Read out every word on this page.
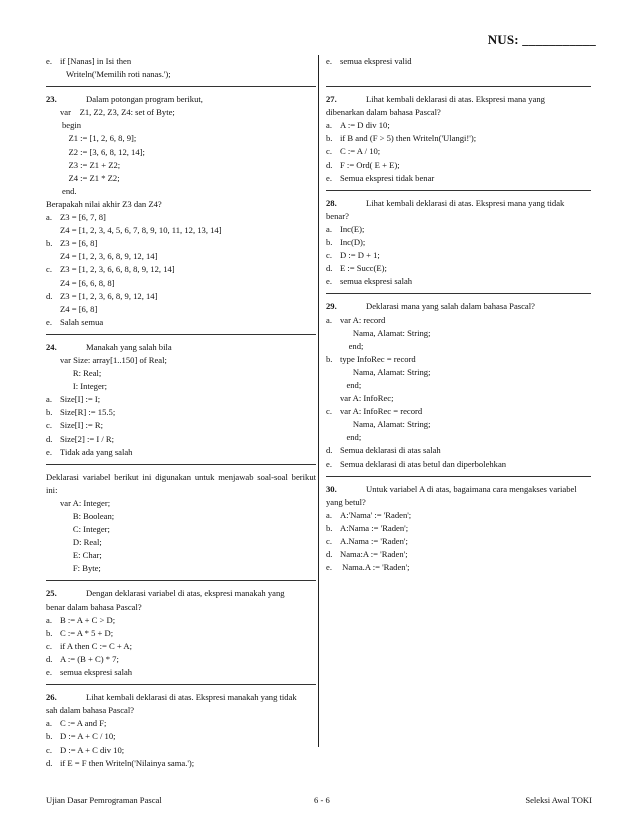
NUS: ___________
e. if [Nanas] in Isi then
Writeln('Memilih roti nanas.');
23.	Dalam potongan program berikut,
var    Z1, Z2, Z3, Z4: set of Byte;
begin
Z1 := [1, 2, 6, 8, 9];
Z2 := [3, 6, 8, 12, 14];
Z3 := Z1 + Z2;
Z4 := Z1 * Z2;
end.
Berapakah nilai akhir Z3 dan Z4?
a. Z3 = [6, 7, 8]
Z4 = [1, 2, 3, 4, 5, 6, 7, 8, 9, 10, 11, 12, 13, 14]
b. Z3 = [6, 8]
Z4 = [1, 2, 3, 6, 8, 9, 12, 14]
c. Z3 = [1, 2, 3, 6, 6, 8, 8, 9, 12, 14]
Z4 = [6, 6, 8, 8]
d. Z3 = [1, 2, 3, 6, 8, 9, 12, 14]
Z4 = [6, 8]
e. Salah semua
24.	Manakah yang salah bila
var Size: array[1..150] of Real;
R: Real;
I: Integer;
a. Size[I] := I;
b. Size[R] := 15.5;
c. Size[I] := R;
d. Size[2] := I / R;
e. Tidak ada yang salah
Deklarasi variabel berikut ini digunakan untuk menjawab soal-soal berikut ini:
var A: Integer;
B: Boolean;
C: Integer;
D: Real;
E: Char;
F: Byte;
25.	Dengan deklarasi variabel di atas, ekspresi manakah yang
benar dalam bahasa Pascal?
a. B := A + C > D;
b. C := A * 5 + D;
c. if A then C := C + A;
d. A := (B + C) * 7;
e. semua ekspresi salah
26.	Lihat kembali deklarasi di atas. Ekspresi manakah yang tidak
sah dalam bahasa Pascal?
a. C := A and F;
b. D := A + C / 10;
c. D := A + C div 10;
d. if E = F then Writeln('Nilainya sama.');
e. semua ekspresi valid
27.	Lihat kembali deklarasi di atas. Ekspresi mana yang
dibenarkan dalam bahasa Pascal?
a. A := D div 10;
b. if B and (F > 5) then Writeln('Ulangi!');
c. C := A / 10;
d. F := Ord( E + E);
e. Semua ekspresi tidak benar
28.	Lihat kembali deklarasi di atas. Ekspresi mana yang tidak
benar?
a. Inc(E);
b. Inc(D);
c. D := D + 1;
d. E := Succ(E);
e. semua ekspresi salah
29.	Deklarasi mana yang salah dalam bahasa Pascal?
a. var A: record
Nama, Alamat: String;
end;
b. type InfoRec = record
Nama, Alamat: String;
end;
var A: InfoRec;
c. var A: InfoRec = record
Nama, Alamat: String;
end;
d. Semua deklarasi di atas salah
e. Semua deklarasi di atas betul dan diperbolehkan
30.	Untuk variabel A di atas, bagaimana cara mengakses variabel
yang betul?
a. A:'Nama' := 'Raden';
b. A:Nama := 'Raden';
c. A.Nama := 'Raden';
d. Nama:A := 'Raden';
e. Nama.A := 'Raden';
Ujian Dasar Pemrograman Pascal	6 - 6	Seleksi Awal TOKI
